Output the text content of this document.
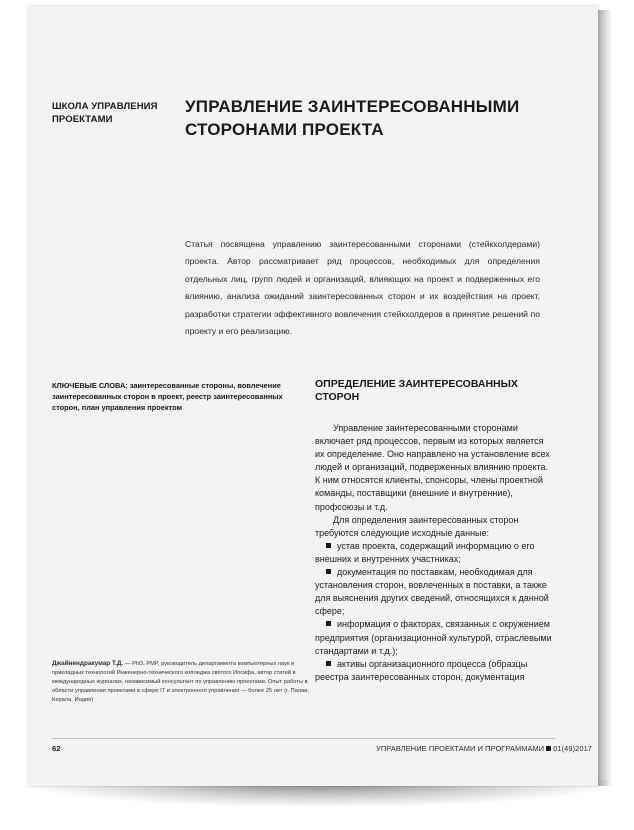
ШКОЛА УПРАВЛЕНИЯ
ПРОЕКТАМИ
УПРАВЛЕНИЕ ЗАИНТЕРЕСОВАННЫМИ
СТОРОНАМИ ПРОЕКТА
Статья посвящена управлению заинтересованными сторонами (стейкхолдерами) проекта. Автор рассматривает ряд процессов, необходимых для определения отдельных лиц, групп людей и организаций, влияющих на проект и подверженных его влиянию, анализа ожиданий заинтересованных сторон и их воздействия на проект, разработки стратегии эффективного вовлечения стейкхолдеров в принятие решений по проекту и его реализацию.
КЛЮЧЕВЫЕ СЛОВА: заинтересованные стороны, вовлечение заинтересованных сторон в проект, реестр заинтересованных сторон, план управления проектом
Джайнендракумар Т.Д. — PhD, PMP, руководитель департамента компьютерных наук и прикладных технологий Инженерно-технического колледжа святого Иосифа, автор статей в международных журналах, независимый консультант по управлению проектами. Опыт работы в области управления проектами в сфере IT и электронного управления — более 25 лет (г. Палаи, Керала, Индия)
ОПРЕДЕЛЕНИЕ ЗАИНТЕРЕСОВАННЫХ
СТОРОН

Управление заинтересованными сторонами включает ряд процессов, первым из которых является их определение. Оно направлено на установление всех людей и организаций, подверженных влиянию проекта. К ним относятся клиенты, спонсоры, члены проектной команды, поставщики (внешние и внутренние), профсоюзы и т.д.

Для определения заинтересованных сторон требуются следующие исходные данные:

устав проекта, содержащий информацию о его внешних и внутренних участниках;

документация по поставкам, необходимая для установления сторон, вовлеченных в поставки, а также для выяснения других сведений, относящихся к данной сфере;

информация о факторах, связанных с окружением предприятия (организационной культурой, отраслевыми стандартами и т.д.);

активы организационного процесса (образцы реестра заинтересованных сторон, документация

62	УПРАВЛЕНИЕ ПРОЕКТАМИ И ПРОГРАММАМИ 01(49)2017
